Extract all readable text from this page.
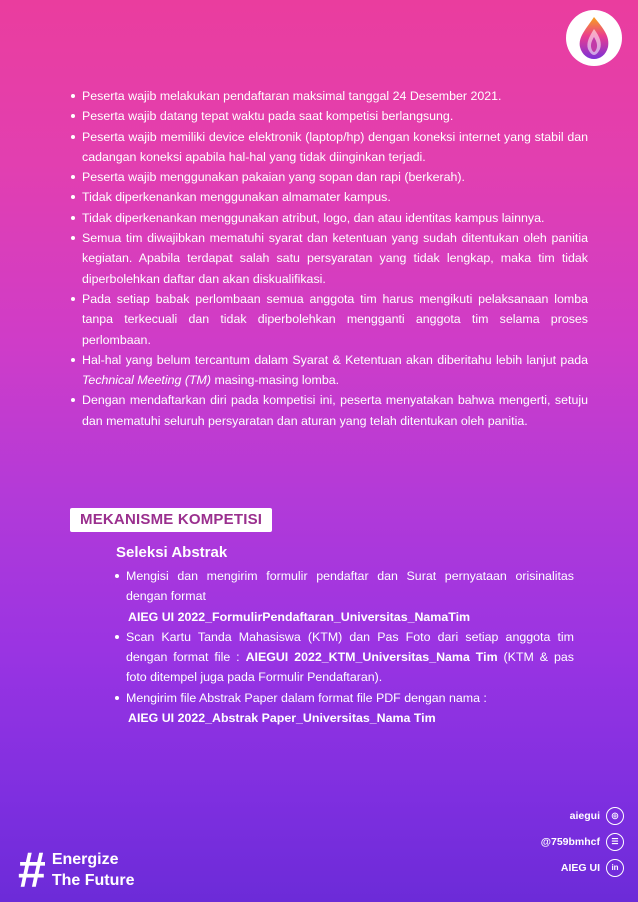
Peserta wajib melakukan pendaftaran maksimal tanggal 24 Desember 2021.
Peserta wajib datang tepat waktu pada saat kompetisi berlangsung.
Peserta wajib memiliki device elektronik (laptop/hp) dengan koneksi internet yang stabil dan cadangan koneksi apabila hal-hal yang tidak diinginkan terjadi.
Peserta wajib menggunakan pakaian yang sopan dan rapi (berkerah).
Tidak diperkenankan menggunakan almamater kampus.
Tidak diperkenankan menggunakan atribut, logo, dan atau identitas kampus lainnya.
Semua tim diwajibkan mematuhi syarat dan ketentuan yang sudah ditentukan oleh panitia kegiatan. Apabila terdapat salah satu persyaratan yang tidak lengkap, maka tim tidak diperbolehkan daftar dan akan diskualifikasi.
Pada setiap babak perlombaan semua anggota tim harus mengikuti pelaksanaan lomba tanpa terkecuali dan tidak diperbolehkan mengganti anggota tim selama proses perlombaan.
Hal-hal yang belum tercantum dalam Syarat & Ketentuan akan diberitahu lebih lanjut pada Technical Meeting (TM) masing-masing lomba.
Dengan mendaftarkan diri pada kompetisi ini, peserta menyatakan bahwa mengerti, setuju dan mematuhi seluruh persyaratan dan aturan yang telah ditentukan oleh panitia.
MEKANISME KOMPETISI
Seleksi Abstrak
Mengisi dan mengirim formulir pendaftar dan Surat pernyataan orisinalitas dengan format
AIEG UI 2022_FormulirPendaftaran_Universitas_NamaTim
Scan Kartu Tanda Mahasiswa (KTM) dan Pas Foto dari setiap anggota tim dengan format file : AIEGUI 2022_KTM_Universitas_Nama Tim (KTM & pas foto ditempel juga pada Formulir Pendaftaran).
Mengirim file Abstrak Paper dalam format file PDF dengan nama :
AIEG UI 2022_Abstrak Paper_Universitas_Nama Tim
# Energize
The Future
aiegui	◎
@759bmhcf	☰
AIEG UI	in
